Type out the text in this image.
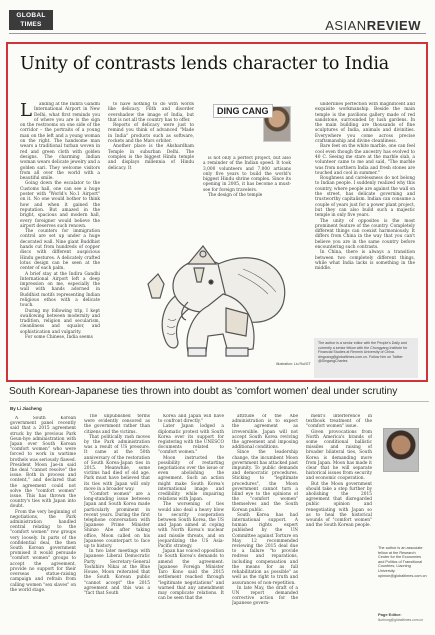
GLOBAL
TIMES	ASIANREVIEW
Unity of contrasts lends character to India
L	anding at the Indira Gandhi International Airport in New Delhi, what first reminds you of where you are is the sign on the restrooms on one side of the corridor – the portraits of a young man on the left and a young woman on the right. The handsome man wears a traditional turban woven in red and green cloth with golden designs. The charming Indian woman wears delicate jewelry and a golden sari. They welcome visitors from all over the world with a beautiful smile.

Going down the escalator to the Customs hall, one can see a huge poster with "World's No.1 Airport" on it. No one would bother to think how and when it gained the reputation. But amazed in the bright, spacious and modern hall, every foreigner would believe the airport deserves such renown.

The counters for immigration control are set up under a huge decorated wall. Nine giant Buddhist hands cut from hundreds of copper discs with different auspicious Hindu gestures. A delicately crafted lotus design can be seen at the center of each palm.

A brief stay at the Indira Gandhi International Airport left a deep impression on me, especially the wall with hands adorned in Buddhist motifs representing Indian religious ethos with a delicate touch.

During my following trip, I kept swallowing between modernity and tradition, religion and secularism, cleanliness and squalor, and sophistication and vulgarity.

For some Chinese, India seems

to have nothing to do with words like delicacy. Filth and disorder overshadow the image of India, but that is not all the country has to offer.

Reports of delicacy were just to remind you think of advanced "Made in India" products such as software, rockets and the Mars orbiter.

Another place is the Akshardham Temple in suburban Delhi. The complex is the biggest Hindu temple and displays millennia of Hindu delicacy. It

DING CANG

is not only a perfect project, but also a reminder of the Indian speed. It took 3,000 volunteers and 7,000 artisans only five years to build the world's biggest Hindu shrine complex. Since its opening in 2005, it has become a must-see for foreign travelers.

The design of the temple

underlines perfection with magnificent and exquisite workmanship. Beside the main temple is the pavilions gallery made of red sandstone, surrounded by lush gardens. In the main building are thousands of fine sculptures of India, animals and divinities. Everywhere you come across precise craftsmanship and divine cleanliness.

Bare feet on the white marble, one can feel cool even though the ancestry has evolved to 40 C. Seeing me stare at the marble slab, a volunteer came to me and said, "The marble was from northern India and fresh stones are touched and cool in summer."

Roughness and carelessness do not belong to Indian people. I suddenly realized why this country, where people are against the wall on the street, has delicate governing and trustworthy capitalism. Indian can consume a couple of years just for a power plant project, but they can also build such a majestic temple in only five years.

The unity of opposites is the most prominent feature of the country. Completely different things can coexist harmoniously. It differs from China in the way that you can't believe you are in the same country before encountering such contrasts.

In China, there is always a transition between two completely different things, while what India lacks is something in the middle.

Illustration: Liu Rui/GT
The author is a senior editor with the People's Daily and currently a senior fellow with the Chongyang Institute for Financial Studies at Renmin University of China. dingcang@globaltimes.com.cn. Follow him on Twitter @DingangCharles
South Korean-Japanese ties thrown into doubt as 'comfort women' deal under scrutiny
By Li Jiacheng

A South Korean government panel recently said that a 2015 agreement struck by the previous Park Geun-hye administration with Japan over South Korean "comfort women" who were forced to work in wartime brothels was seriously flawed. President Moon Jae-in said the deal "cannot resolve" the issue. Both in process and content," and declared that the agreement could not solve the "comfort women" issue. This has thrown the country's ties with Japan into doubt.

From the very beginning of negotiations, the Park administration handled central relating to the "comfort women" row groups very loosely. In parts of the confidential deal, the then South Korean government promised it would persuade "comfort women" groups to accept the agreement, provide no support for their overseas statue-raising campaign and refrain from calling women "sex slaves" on the world stage.

The unpublished terms were evidently censored as the government rather than citizens and the victims.

That politically rash moves by the Park administration was a result of US pressure. It came at the 50th anniversary of the restoration of South Korea-Japan ties in 2015. Meanwhile, some victims had died of old age. Park must have believed that its ties with Japan will only move in a broader way.

"Comfort women" are a long-standing issue between Japan and South Korea made particularly prominent in recent years. During the first telephone conversation with Japanese Prime Minister Shinzo Abe after taking office, Moon called on his Japanese counterpart to face up to history.

In two later meetings with Japanese Liberal Democratic Party Secretary-General Toshihiro Nikai at the Blue House, Moon reiterated that the South Korean public "cannot accept" the 2015 agreement and this was a "fact that South

Korea and Japan will have to confront directly."

Later Japan lodged a diplomatic protest with South Korea over its support for registering with the UNESCO documents related to "comfort women."

Moon instructed the possibility of restarting negotiations over the issue or even abolishing the agreement. Such an action might make South Korea's international image and credibility while impairing relations with Japan.

The worsening of ties would also deal a heavy blow to security cooperation between South Korea, the US and Japan aimed at coping with North Korea's nuclear and missile threats, and on jeopardizing the US Asia-Pacific strategy.

Japan has voiced opposition to South Korea's demands to amend the agreement. Japanese Foreign Minister Taro Kono said the 2015 settlement reached through "legitimate negotiations" and warned that any amendment may complicate relations. It can be seen that the

attitude of the Abe administration is to expect the agreement as irreversible. Japan will not accept South Korea reviving the agreement and imposing additional conditions.

Since the leadership change, the incumbent Moon government has attacked past impunity. To public demands and democratic procedures. Sticking to "legitimate procedures", the Moon government cannot turn a blind eye to the opinions of the "comfort women" themselves and the South Korean public.

South Korea has had international support. A human rights expert published by the UN Committee against Torture on May 12 recommended reviewing the 2015 deal due to a failure "to provide redress and reparations, including compensation and the means for as full rehabilitation as possible" as well as the right to truth and assurances of non-repetition.

In late May, the draft of a UN report demanded corrective action for the Japanese govern-

ment's interference in textbook treatment of the "comfort women" issue.

Given provocations from North America's brands of some conditional ballistic missiles and raising of broader bilateral ties, South Korea is demanding more from Japan. Moon has made it clear that he will separate historical issues from security and economic cooperation.

But the Moon government should take a step further by abolishing the 2015 agreement that disregarded public opinion and renegotiating with Japan so as to heal the historical wounds of "comfort women" and the South Korean people.

The author is an associate fellow at the Research Center for the Economies and Politics of Transitional Countries, Liaoning University. opinion@globaltimes.com.cn
Page Editor:
liuzhong@globaltimes.com.cn
